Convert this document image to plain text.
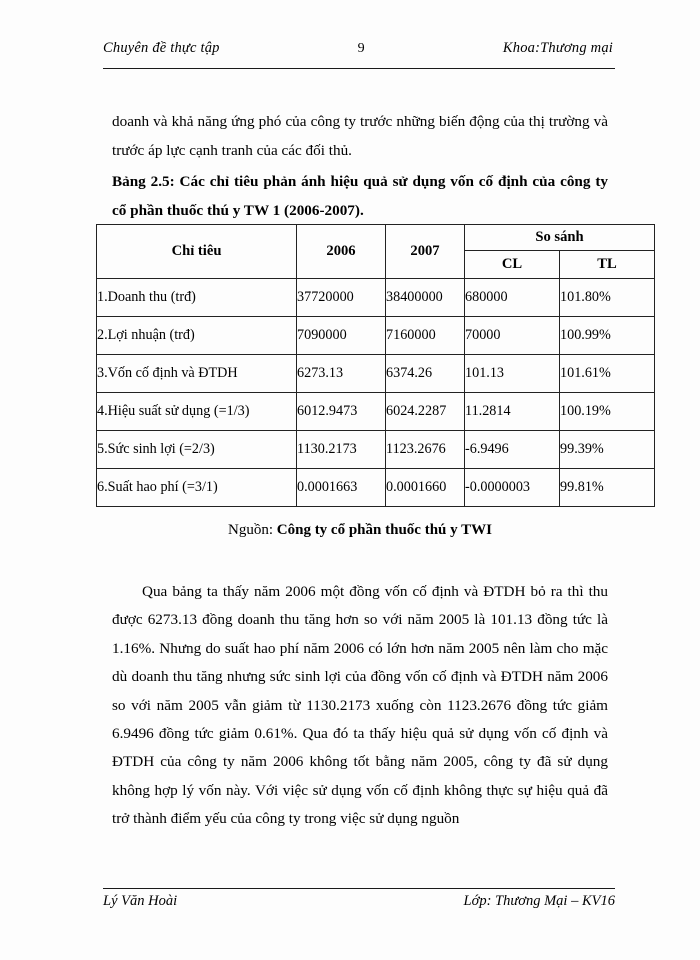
Chuyên đề thực tập	9	Khoa:Thương mại

doanh và khả năng ứng phó của công ty trước những biến động của thị trường và trước áp lực cạnh tranh của các đối thủ.

Bảng 2.5: Các chỉ tiêu phản ánh hiệu quả sử dụng vốn cố định của công ty cổ phần thuốc thú y TW 1 (2006-2007).

Chỉ tiêu	2006	2007	So sánh	
			CL	TL
1.Doanh thu (trđ)	37720000	38400000	680000	101.80%
2.Lợi nhuận (trđ)	7090000	7160000	70000	100.99%
3.Vốn cố định và ĐTDH	6273.13	6374.26	101.13	101.61%
4.Hiệu suất sử dụng (=1/3)	6012.9473	6024.2287	11.2814	100.19%
5.Sức sinh lợi (=2/3)	1130.2173	1123.2676	-6.9496	99.39%
6.Suất hao phí (=3/1)	0.0001663	0.0001660	-0.0000003	99.81%
Nguồn: Công ty cổ phần thuốc thú y TWI

Qua bảng ta thấy năm 2006 một đồng vốn cố định và ĐTDH bỏ ra thì thu được 6273.13 đồng doanh thu tăng hơn so với năm 2005 là 101.13 đồng tức là 1.16%. Nhưng do suất hao phí năm 2006 có lớn hơn năm 2005 nên làm cho mặc dù doanh thu tăng nhưng sức sinh lợi của đồng vốn cố định và ĐTDH năm 2006 so với năm 2005 vẫn giảm từ 1130.2173 xuống còn 1123.2676 đồng tức giảm 6.9496 đồng tức giảm 0.61%. Qua đó ta thấy hiệu quả sử dụng vốn cố định và ĐTDH của công ty năm 2006 không tốt bằng năm 2005, công ty đã sử dụng không hợp lý vốn này. Với việc sử dụng vốn cố định không thực sự hiệu quả đã trở thành điểm yếu của công ty trong việc sử dụng nguồn

Lý Văn Hoài	Lớp: Thương Mại – KV16
